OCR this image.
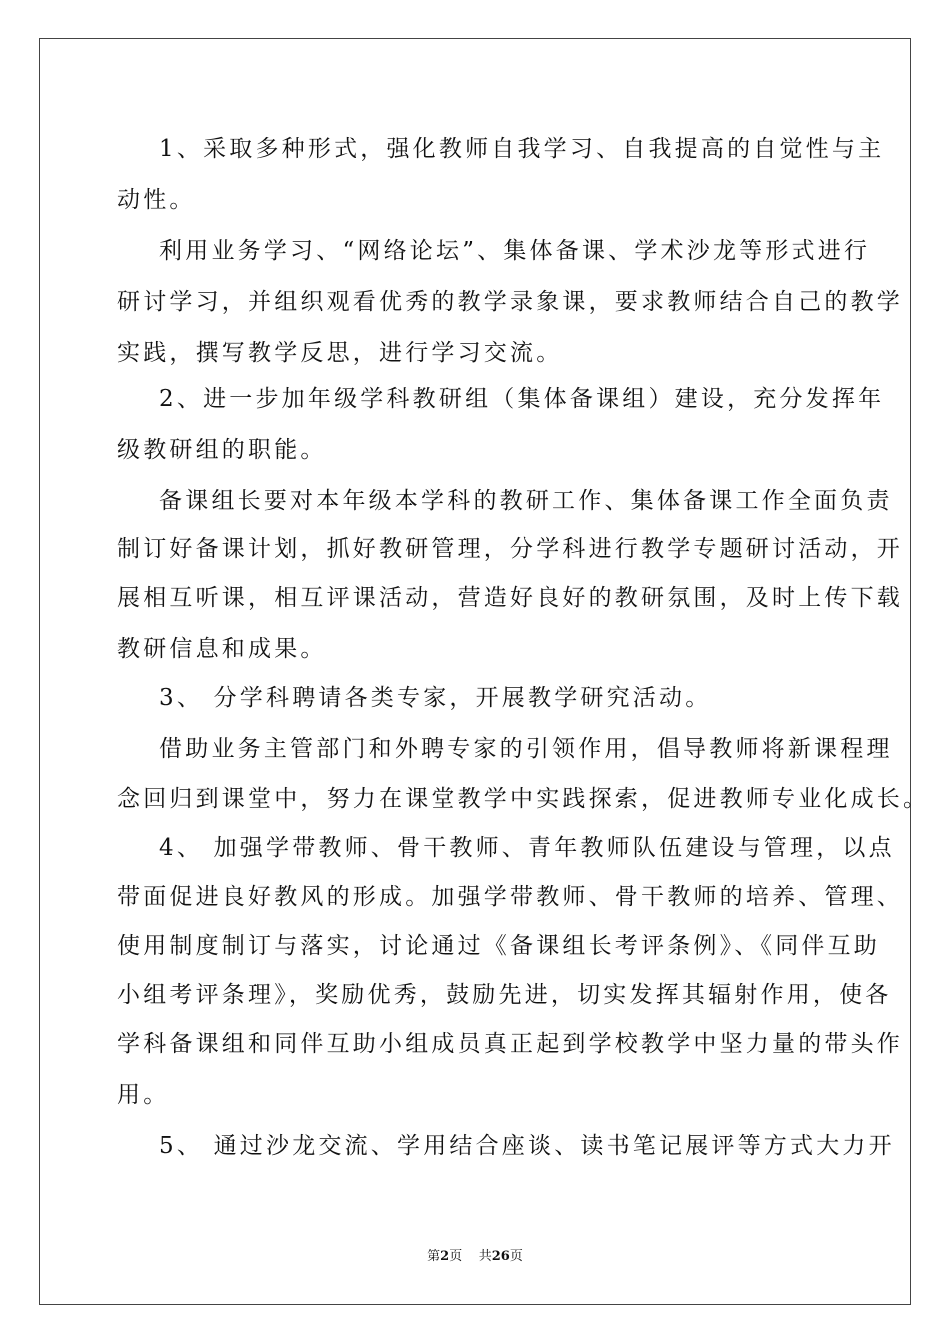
1、采取多种形式，强化教师自我学习、自我提高的自觉性与主
动性。
利用业务学习、“网络论坛”、集体备课、学术沙龙等形式进行
研讨学习，并组织观看优秀的教学录象课，要求教师结合自己的教学
实践，撰写教学反思，进行学习交流。
2、进一步加年级学科教研组（集体备课组）建设，充分发挥年
级教研组的职能。
备课组长要对本年级本学科的教研工作、集体备课工作全面负责
制订好备课计划，抓好教研管理，分学科进行教学专题研讨活动，开
展相互听课，相互评课活动，营造好良好的教研氛围，及时上传下载
教研信息和成果。
3、 分学科聘请各类专家，开展教学研究活动。
借助业务主管部门和外聘专家的引领作用，倡导教师将新课程理
念回归到课堂中，努力在课堂教学中实践探索，促进教师专业化成长。
4、 加强学带教师、骨干教师、青年教师队伍建设与管理，以点
带面促进良好教风的形成。加强学带教师、骨干教师的培养、管理、
使用制度制订与落实，讨论通过《备课组长考评条例》、《同伴互助
小组考评条理》，奖励优秀，鼓励先进，切实发挥其辐射作用，使各
学科备课组和同伴互助小组成员真正起到学校教学中坚力量的带头作
用。
5、 通过沙龙交流、学用结合座谈、读书笔记展评等方式大力开
第2页 共26页
